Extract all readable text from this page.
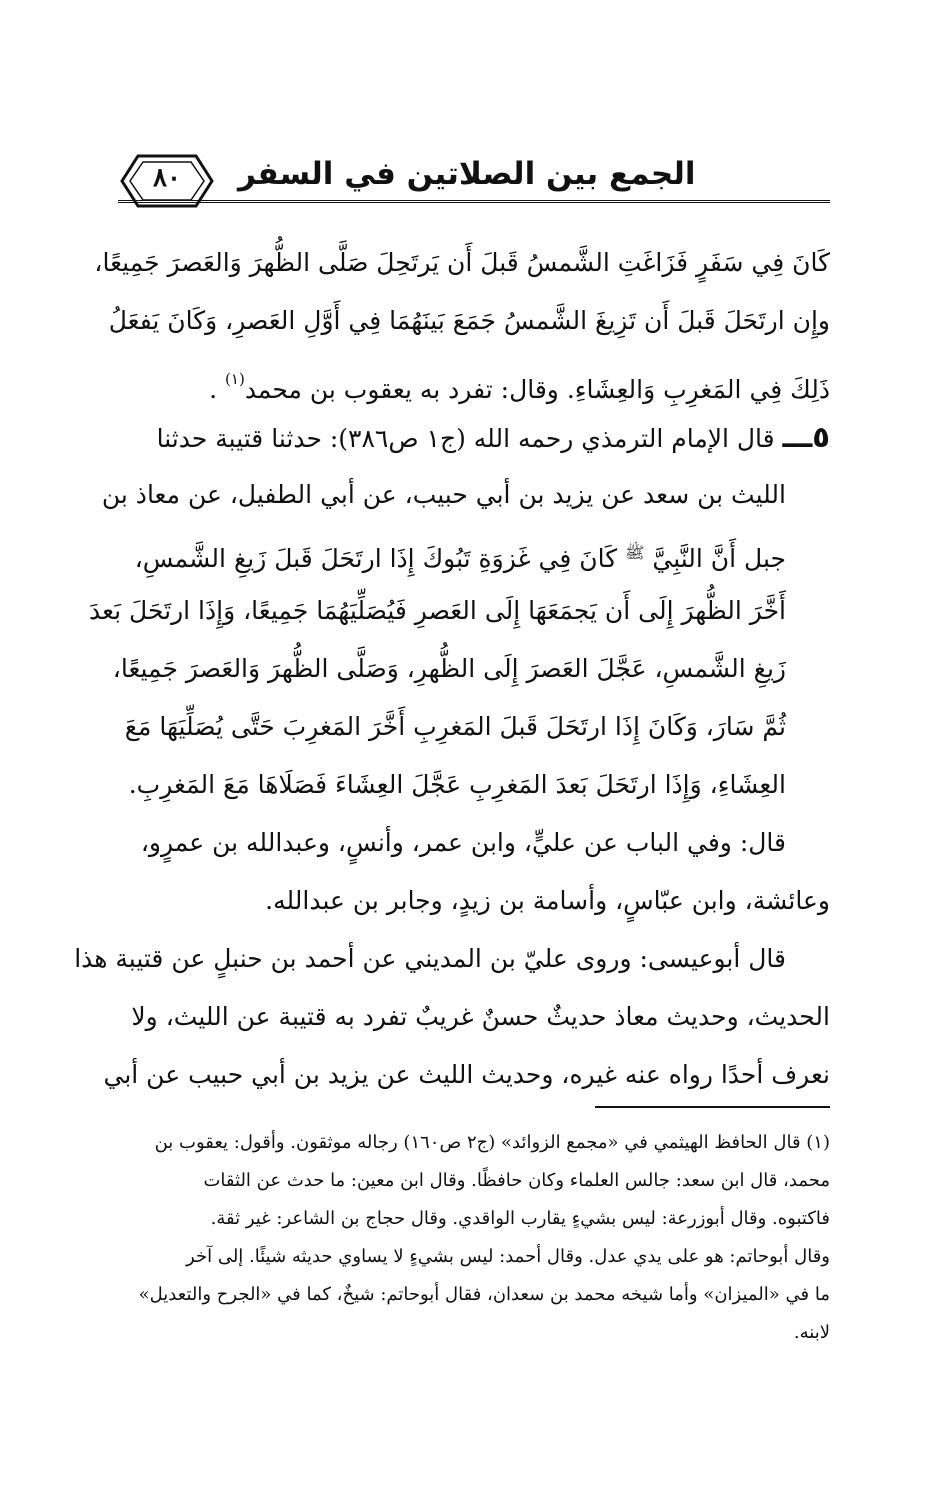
٨٠	الجمع بين الصلاتين في السفر
كَانَ فِي سَفَرٍ فَزَاغَتِ الشَّمسُ قَبلَ أَن يَرتَحِلَ صَلَّى الظُّهرَ وَالعَصرَ جَمِيعًا،
وإِن ارتَحَلَ قَبلَ أَن تَزِيغَ الشَّمسُ جَمَعَ بَينَهُمَا فِي أَوَّلِ العَصرِ، وَكَانَ يَفعَلُ
ذَلِكَ فِي المَغرِبِ وَالعِشَاءِ. وقال: تفرد به يعقوب بن محمد$^{(١)}$ .
٥ـــ قال الإمام الترمذي رحمه الله (ج١ ص٣٨٦): حدثنا قتيبة حدثنا
الليث بن سعد عن يزيد بن أبي حبيب، عن أبي الطفيل، عن معاذ بن
جبل أَنَّ النَّبِيَّ $^ﷺ$ كَانَ فِي غَزوَةِ تَبُوكَ إِذَا ارتَحَلَ قَبلَ زَيغِ الشَّمسِ،
أَخَّرَ الظُّهرَ إِلَى أَن يَجمَعَهَا إِلَى العَصرِ فَيُصَلِّيَهُمَا جَمِيعًا، وَإِذَا ارتَحَلَ بَعدَ
زَيغِ الشَّمسِ، عَجَّلَ العَصرَ إِلَى الظُّهرِ، وَصَلَّى الظُّهرَ وَالعَصرَ جَمِيعًا،
ثُمَّ سَارَ، وَكَانَ إِذَا ارتَحَلَ قَبلَ المَغرِبِ أَخَّرَ المَغرِبَ حَتَّى يُصَلِّيَهَا مَعَ
العِشَاءِ، وَإِذَا ارتَحَلَ بَعدَ المَغرِبِ عَجَّلَ العِشَاءَ فَصَلَاهَا مَعَ المَغرِبِ.
قال: وفي الباب عن عليٍّ، وابن عمر، وأنسٍ، وعبدالله بن عمرٍو،
وعائشة، وابن عبّاسٍ، وأسامة بن زيدٍ، وجابر بن عبدالله.
قال أبوعيسى: وروى عليّ بن المديني عن أحمد بن حنبلٍ عن قتيبة هذا
الحديث، وحديث معاذ حديثٌ حسنٌ غريبٌ تفرد به قتيبة عن الليث، ولا
نعرف أحدًا رواه عنه غيره، وحديث الليث عن يزيد بن أبي حبيب عن أبي
(١) قال الحافظ الهيثمي في «مجمع الزوائد» (ج٢ ص١٦٠) رجاله موثقون. وأقول: يعقوب بن
محمد، قال ابن سعد: جالس العلماء وكان حافظًا. وقال ابن معين: ما حدث عن الثقات
فاكتبوه. وقال أبوزرعة: ليس بشيءٍ يقارب الواقدي. وقال حجاج بن الشاعر: غير ثقة.
وقال أبوحاتم: هو على يدي عدل. وقال أحمد: ليس بشيءٍ لا يساوي حديثه شيئًا. إلى آخر
ما في «الميزان» وأما شيخه محمد بن سعدان، فقال أبوحاتم: شيخٌ، كما في «الجرح والتعديل»
لابنه.
